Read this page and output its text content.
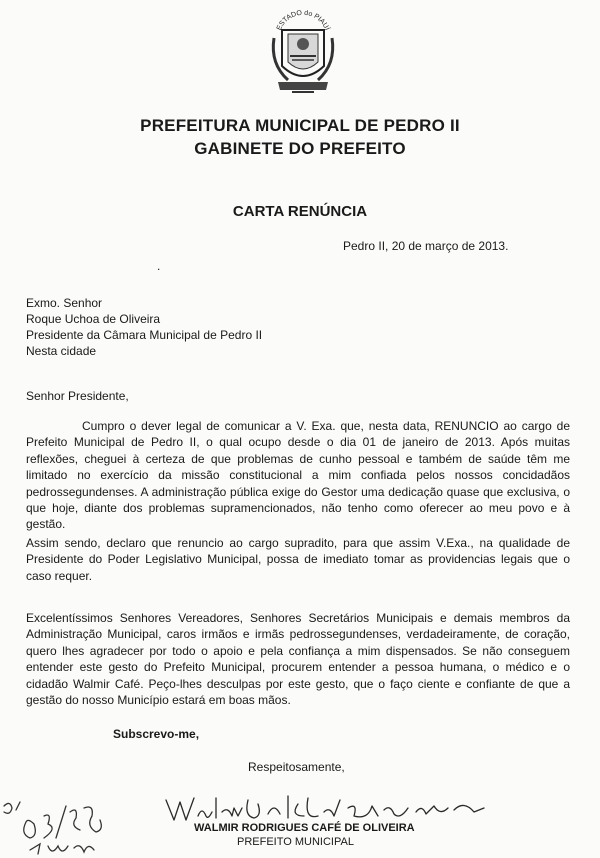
ESTADO do PIAUÍ
PREFEITURA MUNICIPAL DE PEDRO II
GABINETE DO PREFEITO
CARTA RENÚNCIA
Pedro II, 20 de março de 2013.
.
Exmo. Senhor
Roque Uchoa de Oliveira
Presidente da Câmara Municipal de Pedro II
Nesta cidade
Senhor Presidente,

Cumpro o dever legal de comunicar a V. Exa. que, nesta data, RENUNCIO ao cargo de Prefeito Municipal de Pedro II, o qual ocupo desde o dia 01 de janeiro de 2013. Após muitas reflexões, cheguei à certeza de que problemas de cunho pessoal e também de saúde têm me limitado no exercício da missão constitucional a mim confiada pelos nossos concidadãos pedrossegundenses. A administração pública exige do Gestor uma dedicação quase que exclusiva, o que hoje, diante dos problemas supramencionados, não tenho como oferecer ao meu povo e à gestão.

Assim sendo, declaro que renuncio ao cargo supradito, para que assim V.Exa., na qualidade de Presidente do Poder Legislativo Municipal, possa de imediato tomar as providencias legais que o caso requer.

Excelentíssimos Senhores Vereadores, Senhores Secretários Municipais e demais membros da Administração Municipal, caros irmãos e irmãs pedrossegundenses, verdadeiramente, de coração, quero lhes agradecer por todo o apoio e pela confiança a mim dispensados. Se não conseguem entender este gesto do Prefeito Municipal, procurem entender a pessoa humana, o médico e o cidadão Walmir Café. Peço-lhes desculpas por este gesto, que o faço ciente e confiante de que a gestão do nosso Município estará em boas mãos.

Subscrevo-me,
Respeitosamente,
WALMIR RODRIGUES CAFÉ DE OLIVEIRA
PREFEITO MUNICIPAL
